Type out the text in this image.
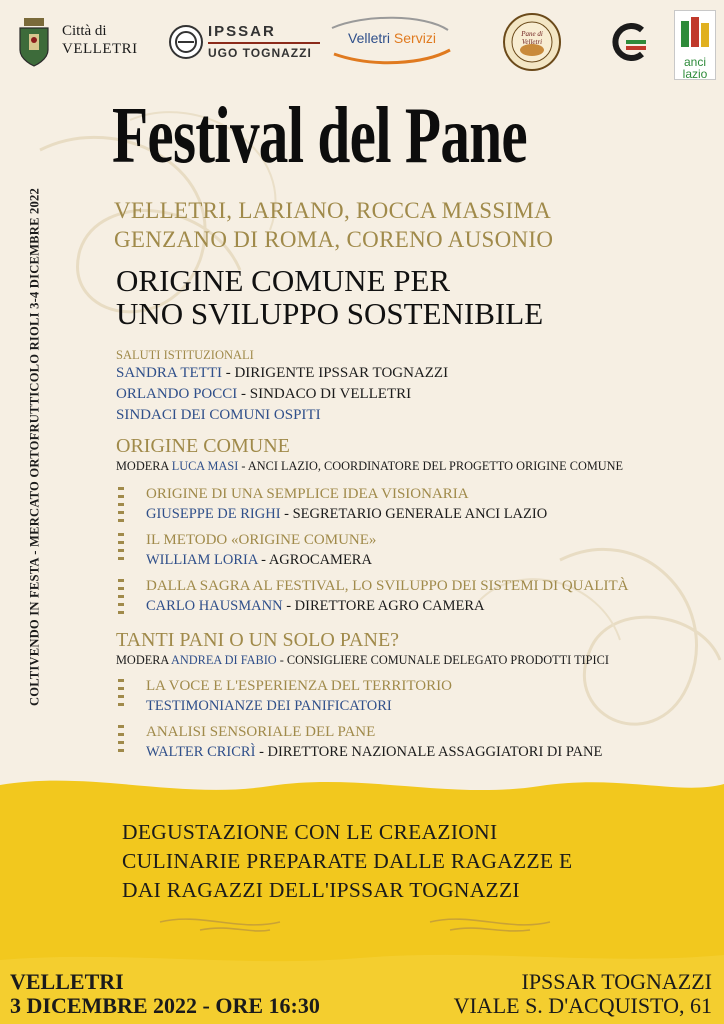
Città di
VELLETRI
IPSSAR
UGO TOGNAZZI
Velletri Servizi	Pane di Velletri
anci
lazio
COLTIVENDO IN FESTA - MERCATO ORTOFRUTTICOLO RIOLI 3-4 DICEMBRE 2022
Festival del Pane
VELLETRI, LARIANO, ROCCA MASSIMA
GENZANO DI ROMA, CORENO AUSONIO
ORIGINE COMUNE PER
UNO SVILUPPO SOSTENIBILE
SALUTI ISTITUZIONALI
SANDRA TETTI - DIRIGENTE IPSSAR TOGNAZZI
ORLANDO POCCI - SINDACO DI VELLETRI
SINDACI DEI COMUNI OSPITI
ORIGINE COMUNE
MODERA LUCA MASI - ANCI LAZIO, COORDINATORE DEL PROGETTO ORIGINE COMUNE
ORIGINE DI UNA SEMPLICE IDEA VISIONARIA
GIUSEPPE DE RIGHI - SEGRETARIO GENERALE ANCI LAZIO
IL METODO «ORIGINE COMUNE»
WILLIAM LORIA - AGROCAMERA
DALLA SAGRA AL FESTIVAL, LO SVILUPPO DEI SISTEMI DI QUALITÀ
CARLO HAUSMANN - DIRETTORE AGRO CAMERA
TANTI PANI O UN SOLO PANE?
MODERA ANDREA DI FABIO - CONSIGLIERE COMUNALE DELEGATO PRODOTTI TIPICI
LA VOCE E L'ESPERIENZA DEL TERRITORIO
TESTIMONIANZE DEI PANIFICATORI
ANALISI SENSORIALE DEL PANE
WALTER CRICRÌ - DIRETTORE NAZIONALE ASSAGGIATORI DI PANE
DEGUSTAZIONE CON LE CREAZIONI
CULINARIE PREPARATE DALLE RAGAZZE E
DAI RAGAZZI DELL'IPSSAR TOGNAZZI
VELLETRI
3 DICEMBRE 2022 - ORE 16:30
IPSSAR TOGNAZZI
VIALE S. D'ACQUISTO, 61
